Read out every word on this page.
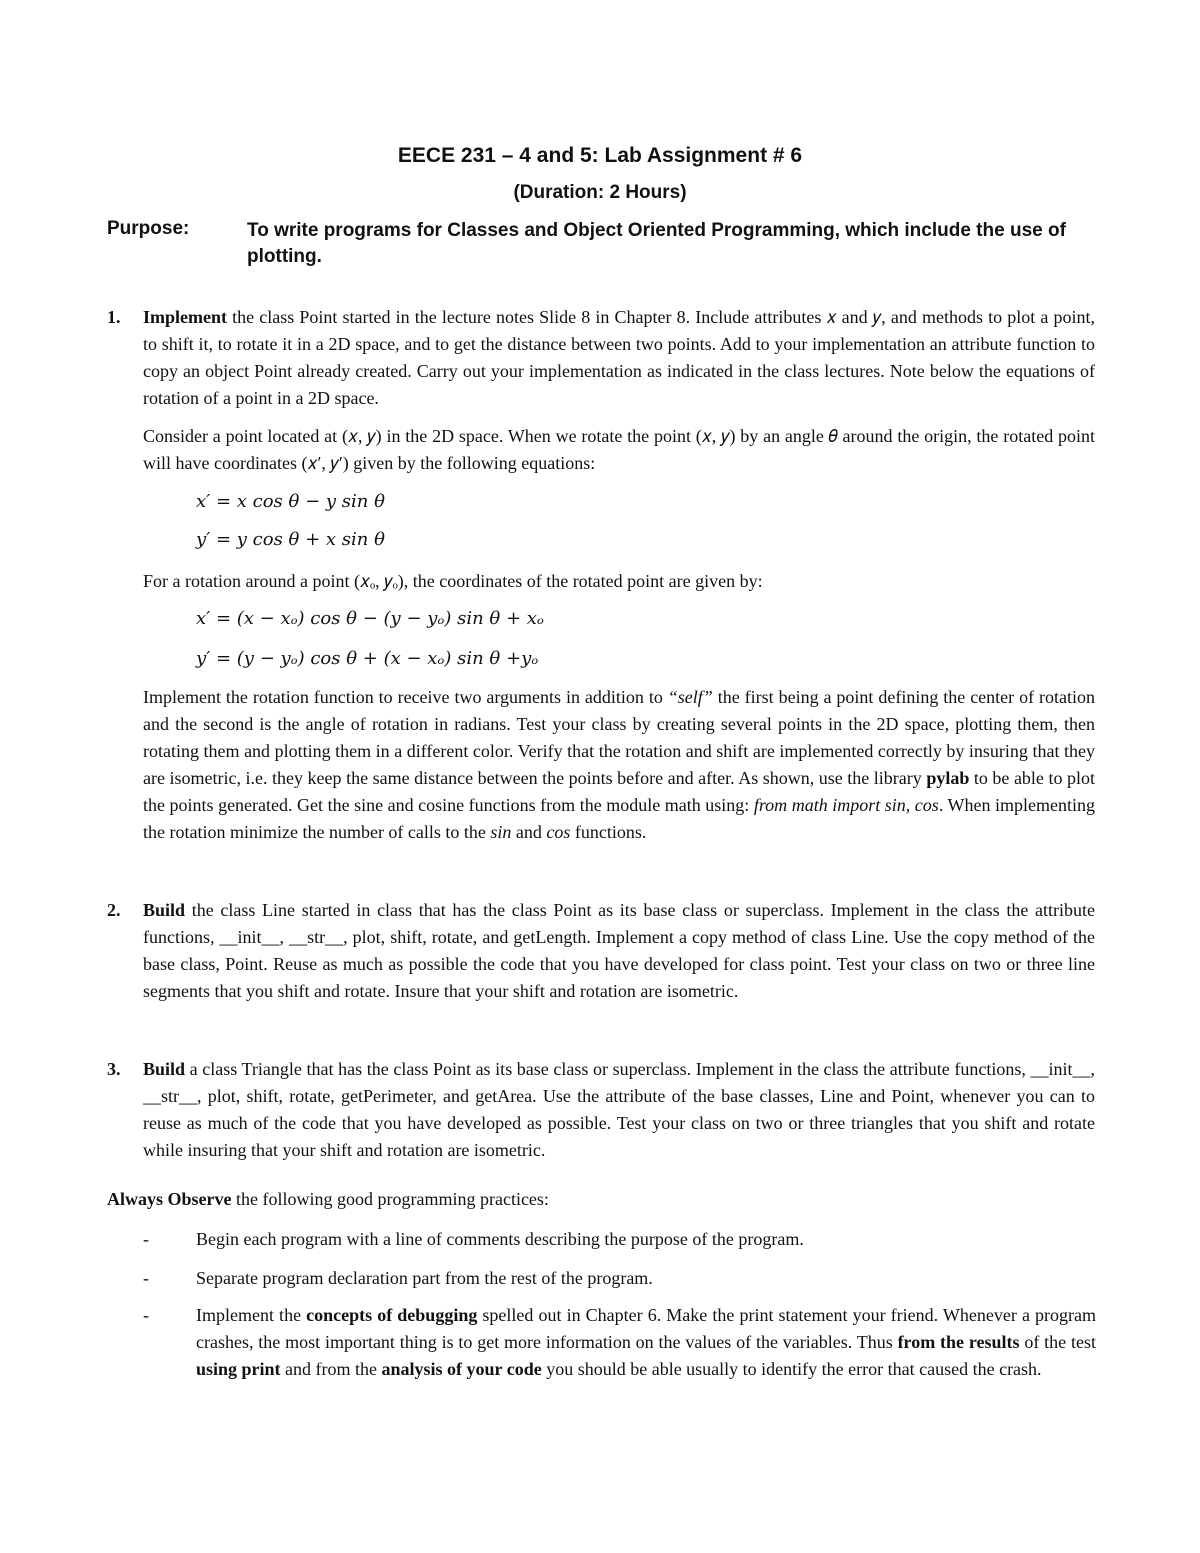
EECE 231 – 4 and 5: Lab Assignment # 6
(Duration: 2 Hours)
Purpose:	To write programs for Classes and Object Oriented Programming, which include the use of plotting.
1. Implement the class Point started in the lecture notes Slide 8 in Chapter 8. Include attributes 𝑥 and 𝑦, and methods to plot a point, to shift it, to rotate it in a 2D space, and to get the distance between two points. Add to your implementation an attribute function to copy an object Point already created. Carry out your implementation as indicated in the class lectures. Note below the equations of rotation of a point in a 2D space.
Consider a point located at (𝑥, 𝑦) in the 2D space. When we rotate the point (𝑥, 𝑦) by an angle 𝜃 around the origin, the rotated point will have coordinates (𝑥′, 𝑦′) given by the following equations:
x′ = x cos θ − y sin θ
y′ = y cos θ + x sin θ
For a rotation around a point (𝑥ₒ, 𝑦ₒ), the coordinates of the rotated point are given by:
x′ = (x − xₒ) cos θ − (y − yₒ) sin θ + xₒ
y′ = (y − yₒ) cos θ + (x − xₒ) sin θ +yₒ
Implement the rotation function to receive two arguments in addition to “self” the first being a point defining the center of rotation and the second is the angle of rotation in radians. Test your class by creating several points in the 2D space, plotting them, then rotating them and plotting them in a different color. Verify that the rotation and shift are implemented correctly by insuring that they are isometric, i.e. they keep the same distance between the points before and after. As shown, use the library pylab to be able to plot the points generated. Get the sine and cosine functions from the module math using: from math import sin, cos. When implementing the rotation minimize the number of calls to the sin and cos functions.
2. Build the class Line started in class that has the class Point as its base class or superclass. Implement in the class the attribute functions, __init__, __str__, plot, shift, rotate, and getLength. Implement a copy method of class Line. Use the copy method of the base class, Point. Reuse as much as possible the code that you have developed for class point. Test your class on two or three line segments that you shift and rotate. Insure that your shift and rotation are isometric.
3. Build a class Triangle that has the class Point as its base class or superclass. Implement in the class the attribute functions, __init__, __str__, plot, shift, rotate, getPerimeter, and getArea. Use the attribute of the base classes, Line and Point, whenever you can to reuse as much of the code that you have developed as possible. Test your class on two or three triangles that you shift and rotate while insuring that your shift and rotation are isometric.
Always Observe the following good programming practices:
-	Begin each program with a line of comments describing the purpose of the program.
-	Separate program declaration part from the rest of the program.
-	Implement the concepts of debugging spelled out in Chapter 6. Make the print statement your friend. Whenever a program crashes, the most important thing is to get more information on the values of the variables. Thus from the results of the test using print and from the analysis of your code you should be able usually to identify the error that caused the crash.
